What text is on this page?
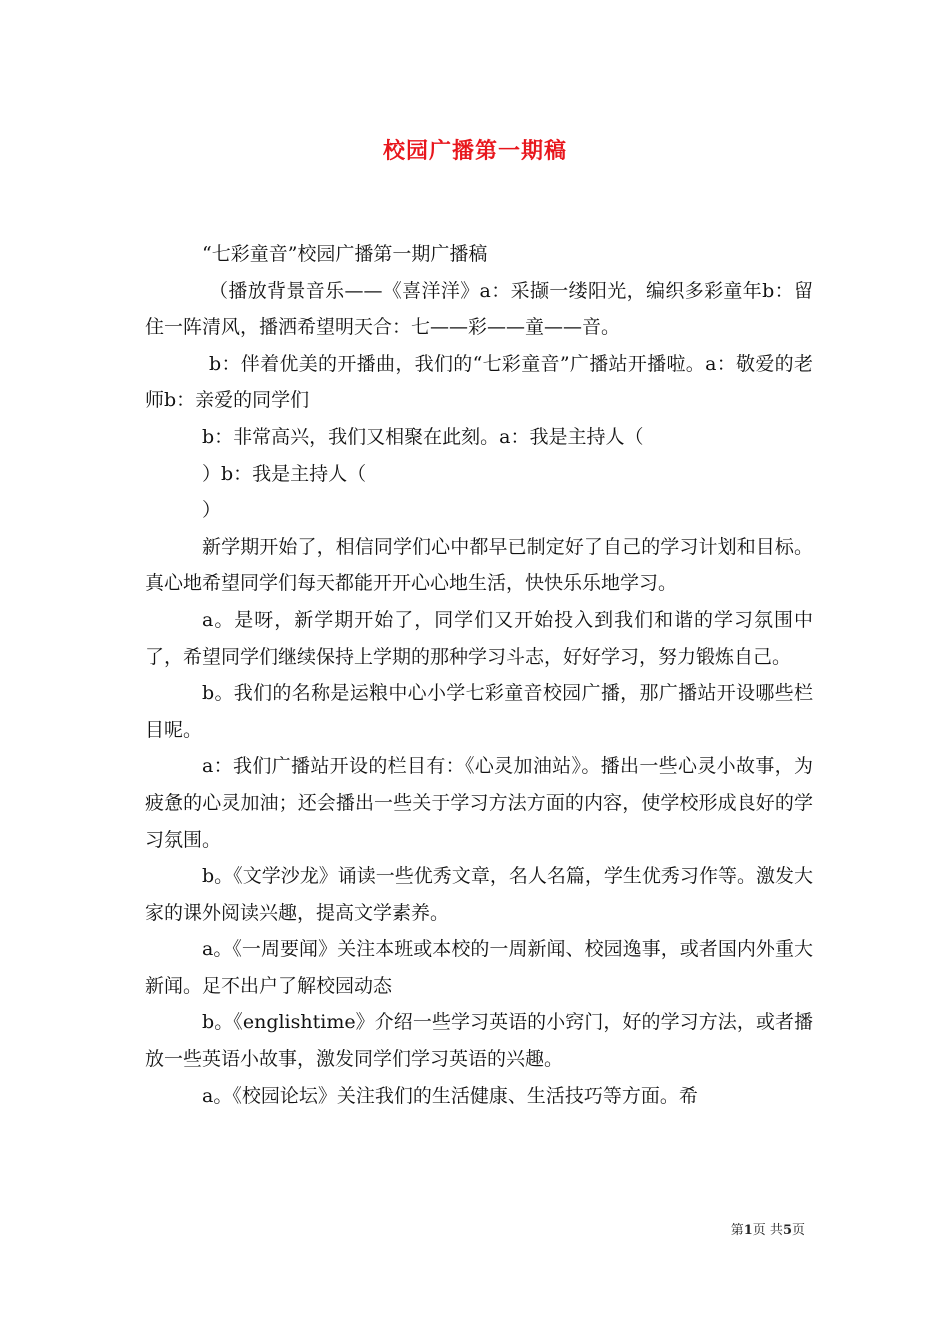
校园广播第一期稿

“七彩童音”校园广播第一期广播稿

（播放背景音乐——《喜洋洋》a：采撷一缕阳光，编织多彩童年b：留住一阵清风，播洒希望明天合：七——彩——童——音。

b：伴着优美的开播曲，我们的“七彩童音”广播站开播啦。a：敬爱的老师b：亲爱的同学们

b：非常高兴，我们又相聚在此刻。a：我是主持人（

）b：我是主持人（

）

新学期开始了，相信同学们心中都早已制定好了自己的学习计划和目标。真心地希望同学们每天都能开开心心地生活，快快乐乐地学习。

a。是呀，新学期开始了，同学们又开始投入到我们和谐的学习氛围中了，希望同学们继续保持上学期的那种学习斗志，好好学习，努力锻炼自己。

b。我们的名称是运粮中心小学七彩童音校园广播，那广播站开设哪些栏目呢。

a：我们广播站开设的栏目有：《心灵加油站》。播出一些心灵小故事，为疲惫的心灵加油；还会播出一些关于学习方法方面的内容，使学校形成良好的学习氛围。

b。《文学沙龙》诵读一些优秀文章，名人名篇，学生优秀习作等。激发大家的课外阅读兴趣，提高文学素养。

a。《一周要闻》关注本班或本校的一周新闻、校园逸事，或者国内外重大新闻。足不出户了解校园动态

b。《englishtime》介绍一些学习英语的小窍门，好的学习方法，或者播放一些英语小故事，激发同学们学习英语的兴趣。

a。《校园论坛》关注我们的生活健康、生活技巧等方面。希

第1页 共5页
